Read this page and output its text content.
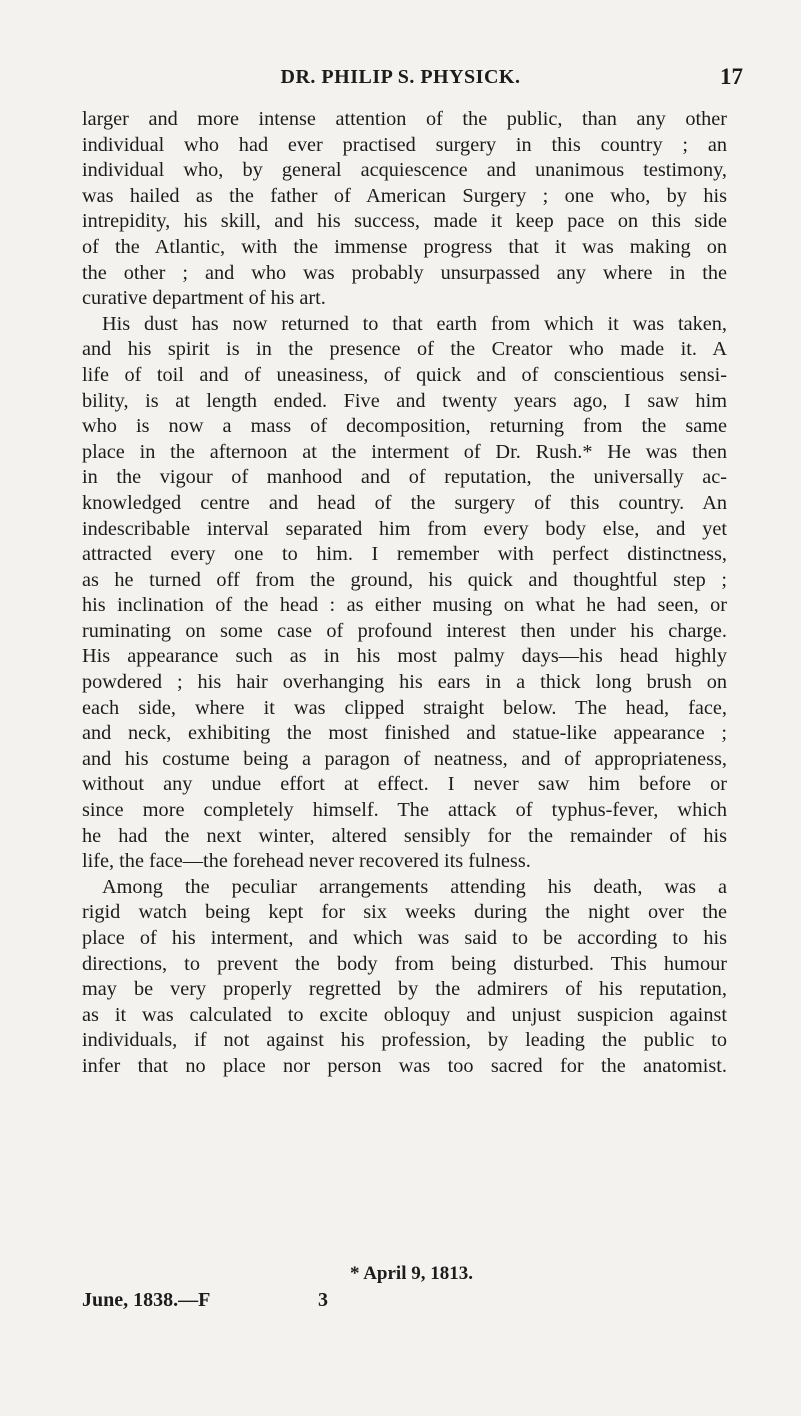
DR. PHILIP S. PHYSICK.	17
larger and more intense attention of the public, than any other
individual who had ever practised surgery in this country ; an
individual who, by general acquiescence and unanimous testimony,
was hailed as the father of American Surgery ; one who, by his
intrepidity, his skill, and his success, made it keep pace on this side
of the Atlantic, with the immense progress that it was making on
the other ; and who was probably unsurpassed any where in the
curative department of his art.
His dust has now returned to that earth from which it was taken,
and his spirit is in the presence of the Creator who made it. A
life of toil and of uneasiness, of quick and of conscientious sensi-
bility, is at length ended. Five and twenty years ago, I saw him
who is now a mass of decomposition, returning from the same
place in the afternoon at the interment of Dr. Rush.* He was then
in the vigour of manhood and of reputation, the universally ac-
knowledged centre and head of the surgery of this country. An
indescribable interval separated him from every body else, and yet
attracted every one to him. I remember with perfect distinctness,
as he turned off from the ground, his quick and thoughtful step ;
his inclination of the head : as either musing on what he had seen, or
ruminating on some case of profound interest then under his charge.
His appearance such as in his most palmy days—his head highly
powdered ; his hair overhanging his ears in a thick long brush on
each side, where it was clipped straight below. The head, face,
and neck, exhibiting the most finished and statue-like appearance ;
and his costume being a paragon of neatness, and of appropriateness,
without any undue effort at effect. I never saw him before or
since more completely himself. The attack of typhus-fever, which
he had the next winter, altered sensibly for the remainder of his
life, the face—the forehead never recovered its fulness.
Among the peculiar arrangements attending his death, was a
rigid watch being kept for six weeks during the night over the
place of his interment, and which was said to be according to his
directions, to prevent the body from being disturbed. This humour
may be very properly regretted by the admirers of his reputation,
as it was calculated to excite obloquy and unjust suspicion against
individuals, if not against his profession, by leading the public to
infer that no place nor person was too sacred for the anatomist.
* April 9, 1813.
June, 1838.—F	3
